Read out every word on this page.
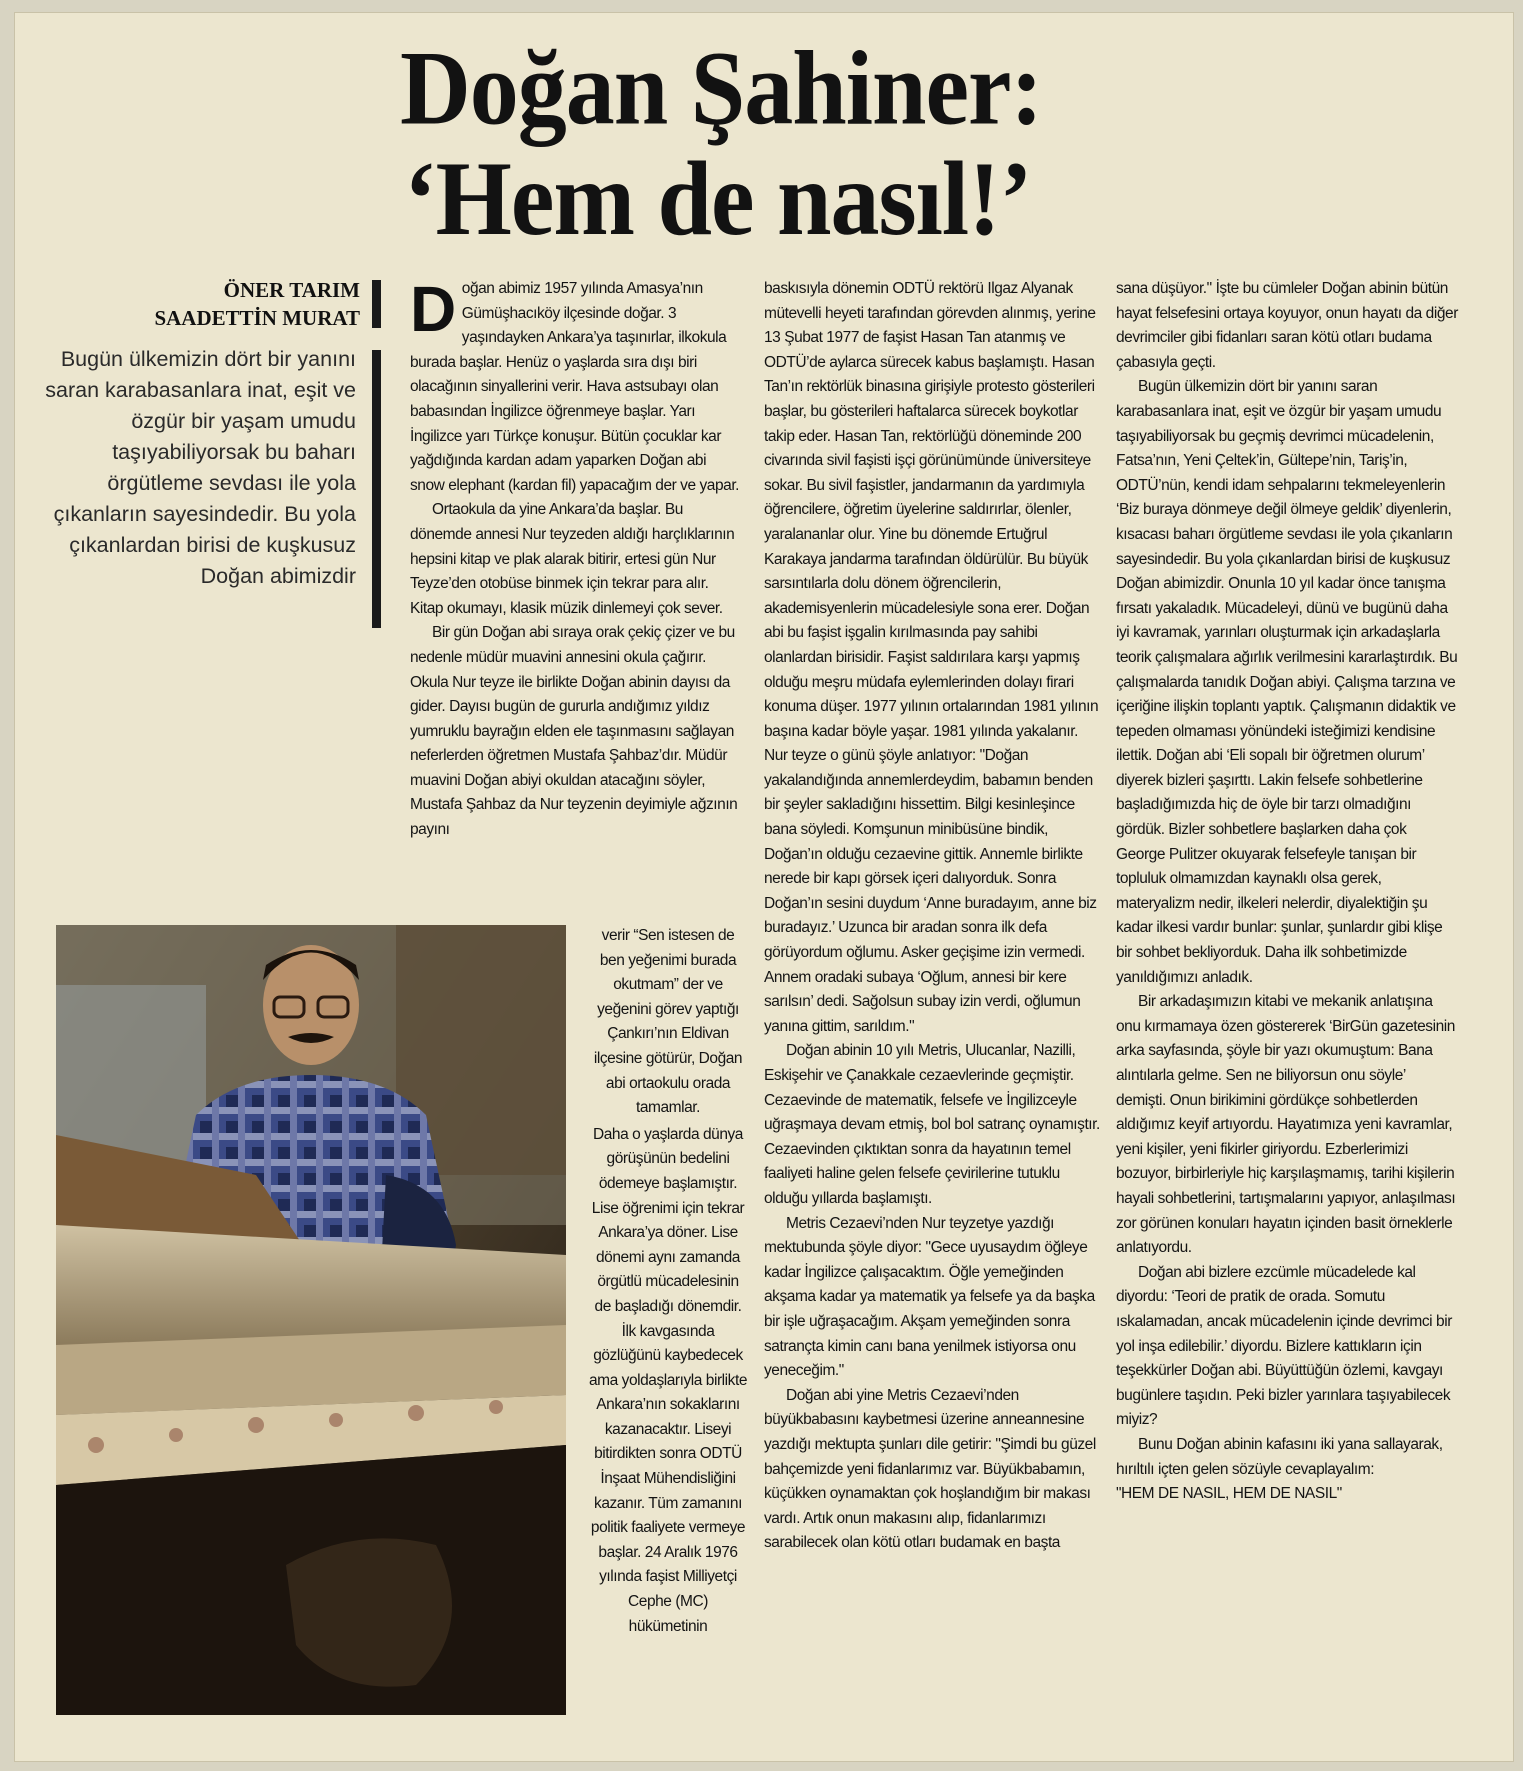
Doğan Şahiner:
‘Hem de nasıl!’
ÖNER TARIM
SAADETTİN MURAT
Bugün ülkemizin dört bir yanını saran karabasanlara inat, eşit ve özgür bir yaşam umudu taşıyabiliyorsak bu baharı örgütleme sevdası ile yola çıkanların sayesindedir. Bu yola çıkanlardan birisi de kuşkusuz Doğan abimizdir

Doğan abimiz 1957 yılında Amasya’nın Gümüşhacıköy ilçesinde doğar. 3 yaşındayken Ankara’ya taşınırlar, ilkokula burada başlar. Henüz o yaşlarda sıra dışı biri olacağının sinyallerini verir. Hava astsubayı olan babasından İngilizce öğrenmeye başlar. Yarı İngilizce yarı Türkçe konuşur. Bütün çocuklar kar yağdığında kardan adam yaparken Doğan abi snow elephant (kardan fil) yapacağım der ve yapar.

Ortaokula da yine Ankara’da başlar. Bu dönemde annesi Nur teyzeden aldığı harçlıklarının hepsini kitap ve plak alarak bitirir, ertesi gün Nur Teyze’den otobüse binmek için tekrar para alır. Kitap okumayı, klasik müzik dinlemeyi çok sever.

Bir gün Doğan abi sıraya orak çekiç çizer ve bu nedenle müdür muavini annesini okula çağırır. Okula Nur teyze ile birlikte Doğan abinin dayısı da gider. Dayısı bugün de gururla andığımız yıldız yumruklu bayrağın elden ele taşınmasını sağlayan neferlerden öğretmen Mustafa Şahbaz’dır. Müdür muavini Doğan abiyi okuldan atacağını söyler, Mustafa Şahbaz da Nur teyzenin deyimiyle ağzının payını

verir “Sen istesen de ben yeğenimi burada okutmam” der ve yeğenini görev yaptığı Çankırı’nın Eldivan ilçesine götürür, Doğan abi ortaokulu orada tamamlar.

Daha o yaşlarda dünya görüşünün bedelini ödemeye başlamıştır. Lise öğrenimi için tekrar Ankara’ya döner. Lise dönemi aynı zamanda örgütlü mücadelesinin de başladığı dönemdir. İlk kavgasında gözlüğünü kaybedecek ama yoldaşlarıyla birlikte Ankara’nın sokaklarını kazanacaktır. Liseyi bitirdikten sonra ODTÜ İnşaat Mühendisliğini kazanır. Tüm zamanını politik faaliyete vermeye başlar. 24 Aralık 1976 yılında faşist Milliyetçi Cephe (MC) hükümetinin

baskısıyla dönemin ODTÜ rektörü Ilgaz Alyanak mütevelli heyeti tarafından görevden alınmış, yerine 13 Şubat 1977 de faşist Hasan Tan atanmış ve ODTÜ’de aylarca sürecek kabus başlamıştı. Hasan Tan’ın rektörlük binasına girişiyle protesto gösterileri başlar, bu gösterileri haftalarca sürecek boykotlar takip eder. Hasan Tan, rektörlüğü döneminde 200 civarında sivil faşisti işçi görünümünde üniversiteye sokar. Bu sivil faşistler, jandarmanın da yardımıyla öğrencilere, öğretim üyelerine saldırırlar, ölenler, yaralananlar olur. Yine bu dönemde Ertuğrul Karakaya jandarma tarafından öldürülür. Bu büyük sarsıntılarla dolu dönem öğrencilerin, akademisyenlerin mücadelesiyle sona erer. Doğan abi bu faşist işgalin kırılmasında pay sahibi olanlardan birisidir. Faşist saldırılara karşı yapmış olduğu meşru müdafa eylemlerinden dolayı firari konuma düşer. 1977 yılının ortalarından 1981 yılının başına kadar böyle yaşar. 1981 yılında yakalanır. Nur teyze o günü şöyle anlatıyor: "Doğan yakalandığında annemlerdeydim, babamın benden bir şeyler sakladığını hissettim. Bilgi kesinleşince bana söyledi. Komşunun minibüsüne bindik, Doğan’ın olduğu cezaevine gittik. Annemle birlikte nerede bir kapı görsek içeri dalıyorduk. Sonra Doğan’ın sesini duydum ‘Anne buradayım, anne biz buradayız.’ Uzunca bir aradan sonra ilk defa görüyordum oğlumu. Asker geçişime izin vermedi. Annem oradaki subaya ‘Oğlum, annesi bir kere sarılsın’ dedi. Sağolsun subay izin verdi, oğlumun yanına gittim, sarıldım."

Doğan abinin 10 yılı Metris, Ulucanlar, Nazilli, Eskişehir ve Çanakkale cezaevlerinde geçmiştir. Cezaevinde de matematik, felsefe ve İngilizceyle uğraşmaya devam etmiş, bol bol satranç oynamıştır. Cezaevinden çıktıktan sonra da hayatının temel faaliyeti haline gelen felsefe çevirilerine tutuklu olduğu yıllarda başlamıştı.

Metris Cezaevi’nden Nur teyzetye yazdığı mektubunda şöyle diyor: "Gece uyusaydım öğleye kadar İngilizce çalışacaktım. Öğle yemeğinden akşama kadar ya matematik ya felsefe ya da başka bir işle uğraşacağım. Akşam yemeğinden sonra satrançta kimin canı bana yenilmek istiyorsa onu yeneceğim."

Doğan abi yine Metris Cezaevi’nden büyükbabasını kaybetmesi üzerine anneannesine yazdığı mektupta şunları dile getirir: "Şimdi bu güzel bahçemizde yeni fidanlarımız var. Büyükbabamın, küçükken oynamaktan çok hoşlandığım bir makası vardı. Artık onun makasını alıp, fidanlarımızı sarabilecek olan kötü otları budamak en başta

sana düşüyor." İşte bu cümleler Doğan abinin bütün hayat felsefesini ortaya koyuyor, onun hayatı da diğer devrimciler gibi fidanları saran kötü otları budama çabasıyla geçti.

Bugün ülkemizin dört bir yanını saran karabasanlara inat, eşit ve özgür bir yaşam umudu taşıyabiliyorsak bu geçmiş devrimci mücadelenin, Fatsa’nın, Yeni Çeltek’in, Gültepe’nin, Tariş’in, ODTÜ’nün, kendi idam sehpalarını tekmeleyenlerin ‘Biz buraya dönmeye değil ölmeye geldik’ diyenlerin, kısacası baharı örgütleme sevdası ile yola çıkanların sayesindedir. Bu yola çıkanlardan birisi de kuşkusuz Doğan abimizdir. Onunla 10 yıl kadar önce tanışma fırsatı yakaladık. Mücadeleyi, dünü ve bugünü daha iyi kavramak, yarınları oluşturmak için arkadaşlarla teorik çalışmalara ağırlık verilmesini kararlaştırdık. Bu çalışmalarda tanıdık Doğan abiyi. Çalışma tarzına ve içeriğine ilişkin toplantı yaptık. Çalışmanın didaktik ve tepeden olmaması yönündeki isteğimizi kendisine ilettik. Doğan abi ‘Eli sopalı bir öğretmen olurum’ diyerek bizleri şaşırttı. Lakin felsefe sohbetlerine başladığımızda hiç de öyle bir tarzı olmadığını gördük. Bizler sohbetlere başlarken daha çok George Pulitzer okuyarak felsefeyle tanışan bir topluluk olmamızdan kaynaklı olsa gerek, materyalizm nedir, ilkeleri nelerdir, diyalektiğin şu kadar ilkesi vardır bunlar: şunlar, şunlardır gibi klişe bir sohbet bekliyorduk. Daha ilk sohbetimizde yanıldığımızı anladık.

Bir arkadaşımızın kitabi ve mekanik anlatışına onu kırmamaya özen göstererek ‘BirGün gazetesinin arka sayfasında, şöyle bir yazı okumuştum: Bana alıntılarla gelme. Sen ne biliyorsun onu söyle’ demişti. Onun birikimini gördükçe sohbetlerden aldığımız keyif artıyordu. Hayatımıza yeni kavramlar, yeni kişiler, yeni fikirler giriyordu. Ezberlerimizi bozuyor, birbirleriyle hiç karşılaşmamış, tarihi kişilerin hayali sohbetlerini, tartışmalarını yapıyor, anlaşılması zor görünen konuları hayatın içinden basit örneklerle anlatıyordu.

Doğan abi bizlere ezcümle mücadelede kal diyordu: ‘Teori de pratik de orada. Somutu ıskalamadan, ancak mücadelenin içinde devrimci bir yol inşa edilebilir.’ diyordu. Bizlere kattıkların için teşekkürler Doğan abi. Büyüttüğün özlemi, kavgayı bugünlere taşıdın. Peki bizler yarınlara taşıyabilecek miyiz?

Bunu Doğan abinin kafasını iki yana sallayarak, hırıltılı içten gelen sözüyle cevaplayalım:

"HEM DE NASIL, HEM DE NASIL"
